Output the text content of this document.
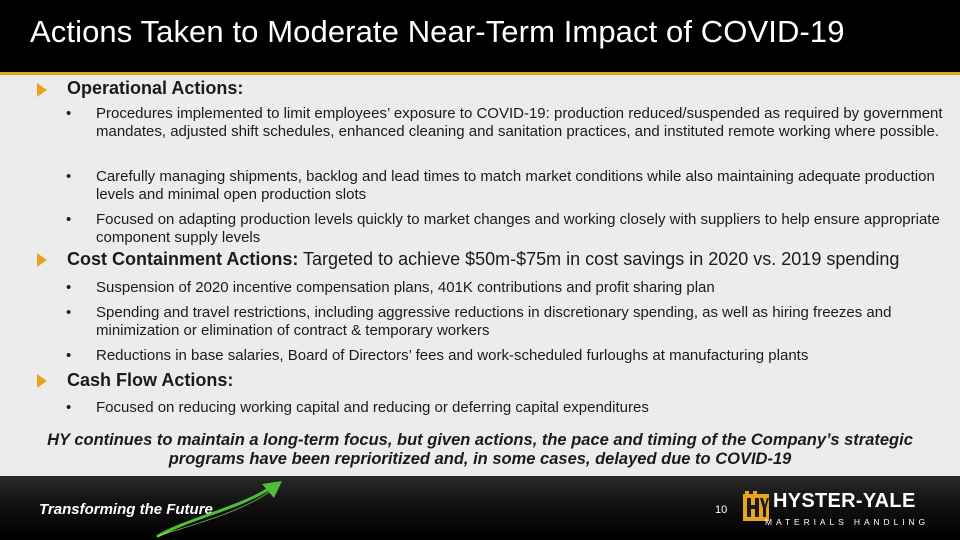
Actions Taken to Moderate Near-Term Impact of COVID-19
Operational Actions:
• Procedures implemented to limit employees’ exposure to COVID-19: production reduced/suspended as required by government mandates, adjusted shift schedules, enhanced cleaning and sanitation practices, and instituted remote working where possible.
• Carefully managing shipments, backlog and lead times to match market conditions while also maintaining adequate production levels and minimal open production slots
• Focused on adapting production levels quickly to market changes and working closely with suppliers to help ensure appropriate component supply levels
Cost Containment Actions: Targeted to achieve $50m-$75m in cost savings in 2020 vs. 2019 spending
• Suspension of 2020 incentive compensation plans, 401K contributions and profit sharing plan
• Spending and travel restrictions, including aggressive reductions in discretionary spending, as well as hiring freezes and minimization or elimination of contract & temporary workers
• Reductions in base salaries, Board of Directors’ fees and work-scheduled furloughs at manufacturing plants
Cash Flow Actions:
• Focused on reducing working capital and reducing or deferring capital expenditures
HY continues to maintain a long-term focus, but given actions, the pace and timing of the Company’s strategic programs have been reprioritized and, in some cases, delayed due to COVID-19
Transforming the Future	10 HYSTER-YALE
MATERIALS HANDLING
